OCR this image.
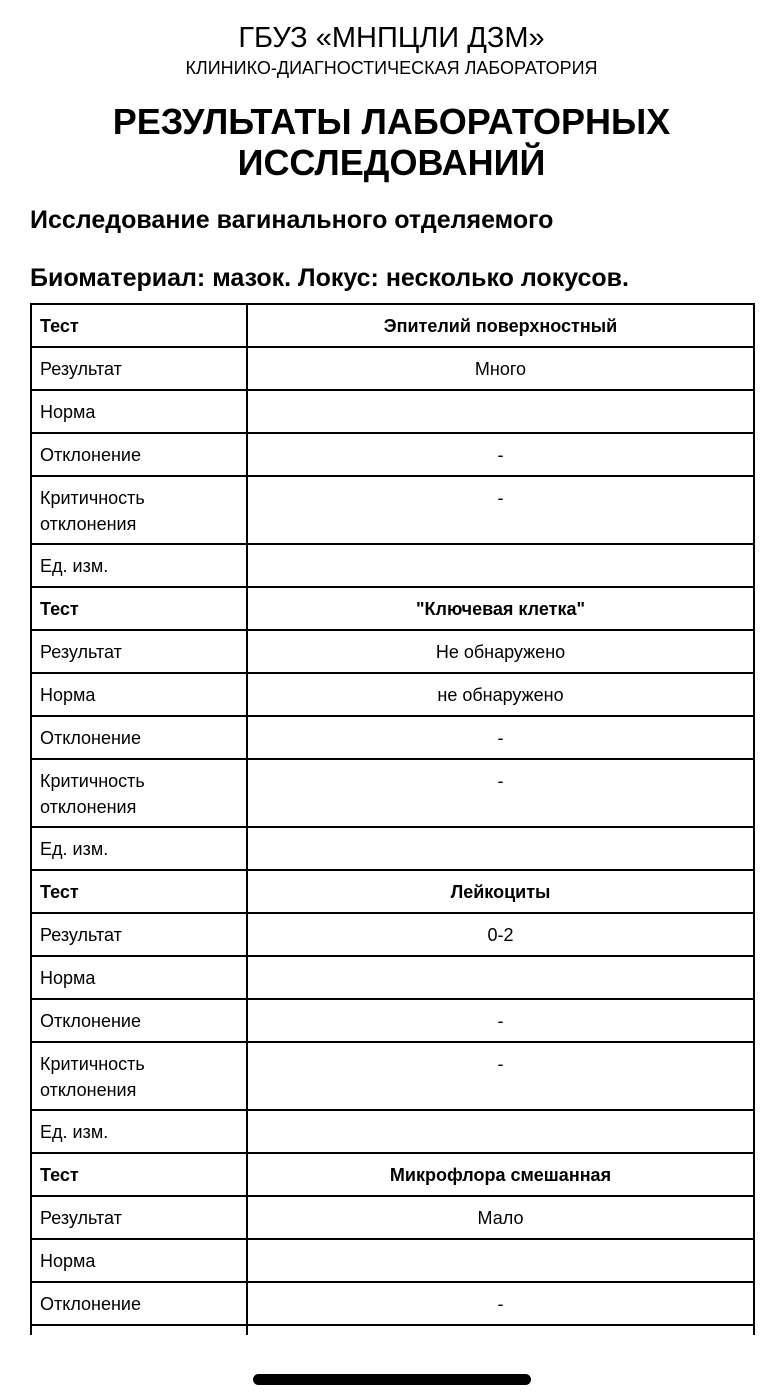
ГБУЗ «МНПЦЛИ ДЗМ»
КЛИНИКО-ДИАГНОСТИЧЕСКАЯ ЛАБОРАТОРИЯ
РЕЗУЛЬТАТЫ ЛАБОРАТОРНЫХ ИССЛЕДОВАНИЙ
Исследование вагинального отделяемого
Биоматериал: мазок. Локус: несколько локусов.
Тест	Эпителий поверхностный
Результат	Много
Норма	
Отклонение	-
Критичность отклонения	-
Ед. изм.	
Тест	"Ключевая клетка"
Результат	Не обнаружено
Норма	не обнаружено
Отклонение	-
Критичность отклонения	-
Ед. изм.	
Тест	Лейкоциты
Результат	0-2
Норма	
Отклонение	-
Критичность отклонения	-
Ед. изм.	
Тест	Микрофлора смешанная
Результат	Мало
Норма	
Отклонение	-
